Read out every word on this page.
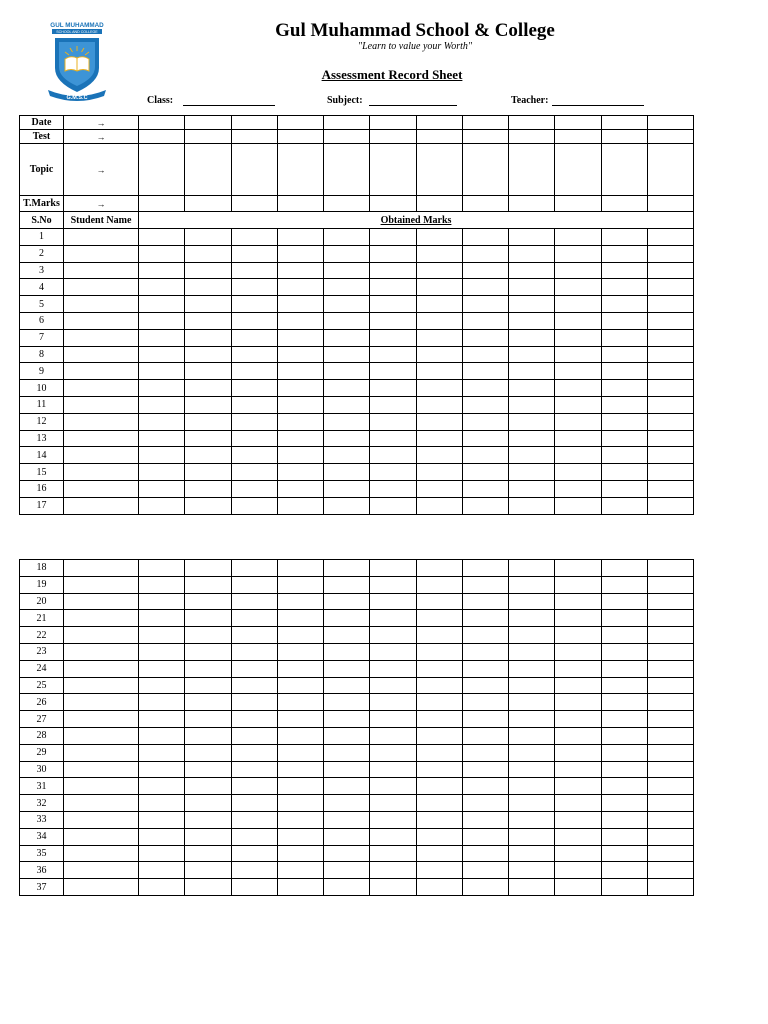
GUL MUHAMMAD
SCHOOL AND COLLEGE
G.M.S.C
Gul Muhammad School & College
"Learn to value your Worth"
Assessment Record Sheet
Class:	Subject:	Teacher:
Date	→												
Test	→												
Topic	→												
T.Marks	→												
S.No	Student Name	Obtained Marks											
1													
2													
3													
4													
5													
6													
7													
8													
9													
10													
11													
12													
13													
14													
15													
16													
17													
18													
19													
20													
21													
22													
23													
24													
25													
26													
27													
28													
29													
30													
31													
32													
33													
34													
35													
36													
37													
